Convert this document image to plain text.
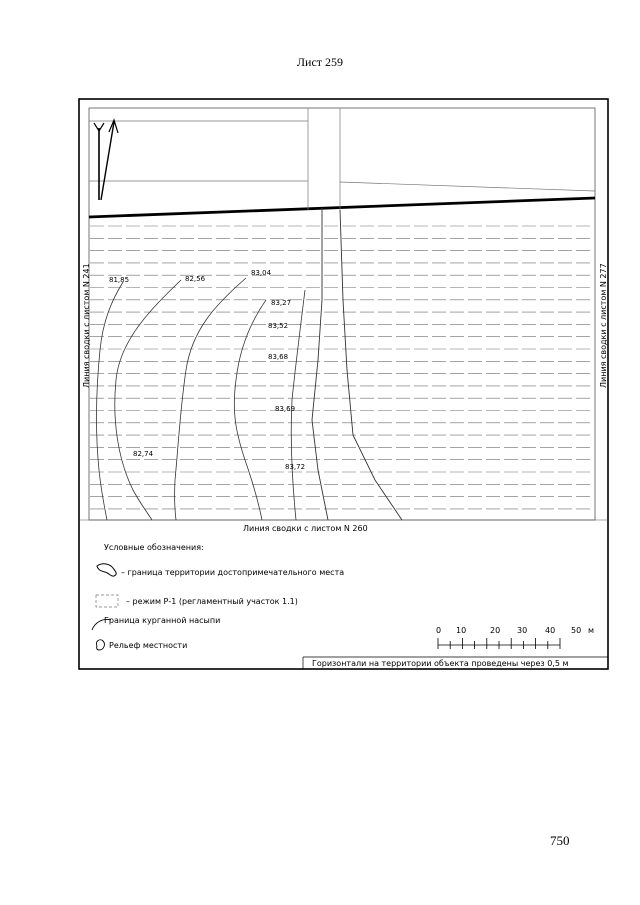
Лист 259
Линия сводки с листом N 241	Линия сводки с листом N 277
Линия сводки с листом N 260
81,85	82,56
83,04
83,27
83,52
83,68
83,69
82,74
83,72
Условные обозначения:
– граница территории достопримечательного места
– режим Р-1 (регламентный участок 1.1)
Граница курганной насыпи
Рельеф местности
0 10	20 30 40 50 м
Горизонтали на территории объекта проведены через 0,5 м
750
